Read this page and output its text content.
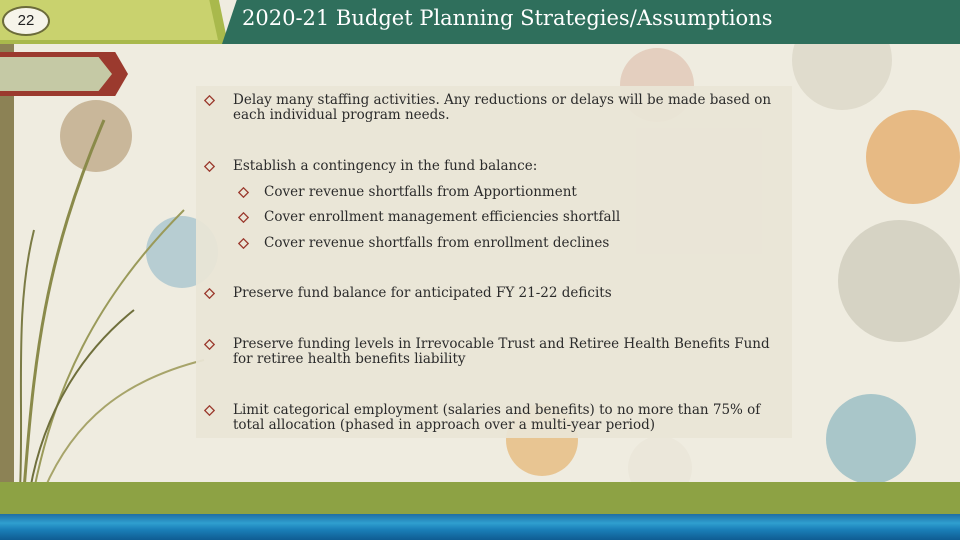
22	2020-21 Budget Planning Strategies/Assumptions
Delay many staffing activities. Any reductions or delays will be made based on each individual program needs.
Establish a contingency in the fund balance:
Cover revenue shortfalls from Apportionment
Cover enrollment management efficiencies shortfall
Cover revenue shortfalls from enrollment declines
Preserve fund balance for anticipated FY 21-22 deficits
Preserve funding levels in Irrevocable Trust and Retiree Health Benefits Fund for retiree health benefits liability
Limit categorical employment (salaries and benefits) to no more than 75% of total allocation (phased in approach over a multi-year period)
